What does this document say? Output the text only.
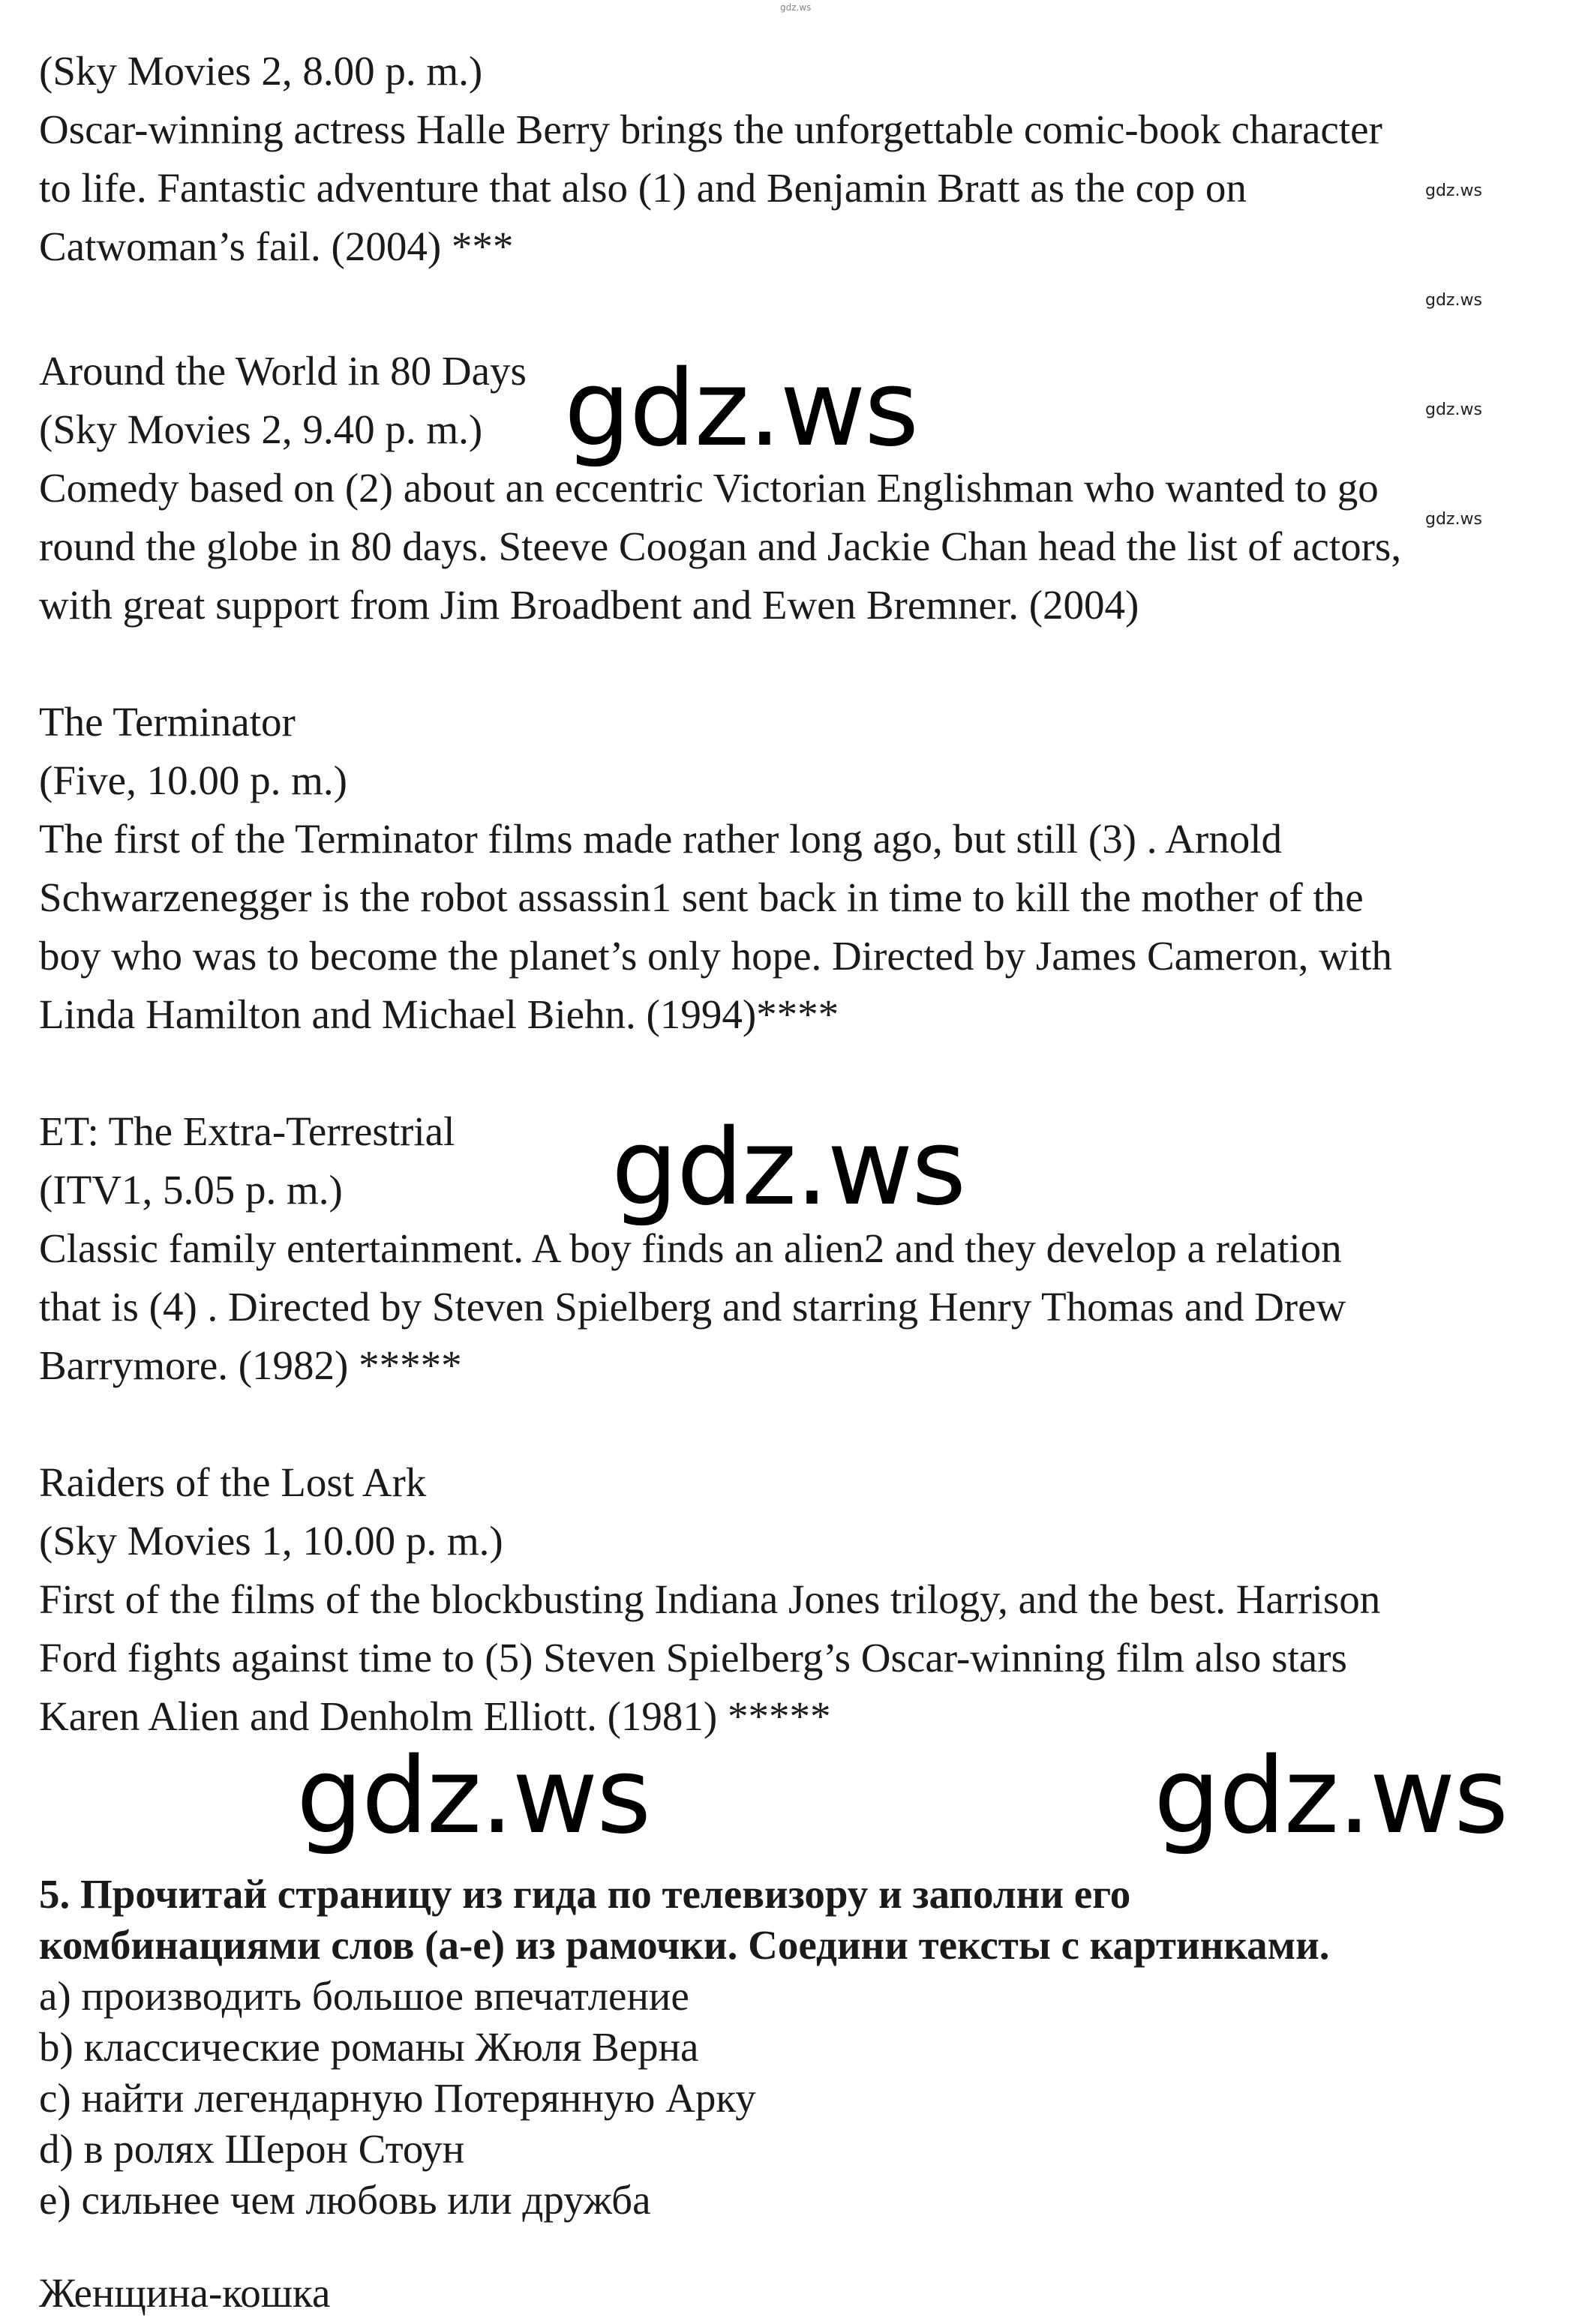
gdz.ws

(Sky Movies 2, 8.00 p. m.)

Oscar-winning actress Halle Berry brings the unforgettable comic-book character

to life. Fantastic adventure that also (1) and Benjamin Bratt as the cop on

Catwoman’s fail. (2004) ***

gdz.ws
gdz.ws
gdz.ws
gdz.ws

Around the World in 80 Days

(Sky Movies 2, 9.40 p. m.)

Comedy based on (2) about an eccentric Victorian Englishman who wanted to go

round the globe in 80 days. Steeve Coogan and Jackie Chan head the list of actors,

with great support from Jim Broadbent and Ewen Bremner. (2004)

gdz.ws

The Terminator

(Five, 10.00 p. m.)

The first of the Terminator films made rather long ago, but still (3) . Arnold

Schwarzenegger is the robot assassin1 sent back in time to kill the mother of the

boy who was to become the planet’s only hope. Directed by James Cameron, with

Linda Hamilton and Michael Biehn. (1994)****

ET: The Extra-Terrestrial

(ITV1, 5.05 p. m.)

Classic family entertainment. A boy finds an alien2 and they develop a relation

that is (4) . Directed by Steven Spielberg and starring Henry Thomas and Drew

Barrymore. (1982) *****

gdz.ws

Raiders of the Lost Ark

(Sky Movies 1, 10.00 p. m.)

First of the films of the blockbusting Indiana Jones trilogy, and the best. Harrison

Ford fights against time to (5) Steven Spielberg’s Oscar-winning film also stars

Karen Alien and Denholm Elliott. (1981) *****

gdz.ws	gdz.ws

5. Прочитай страницу из гида по телевизору и заполни его

комбинациями слов (a-e) из рамочки. Соедини тексты с картинками.

a) производить большое впечатление

b) классические романы Жюля Верна

c) найти легендарную Потерянную Арку

d) в ролях Шерон Стоун

e) сильнее чем любовь или дружба

Женщина-кошка
